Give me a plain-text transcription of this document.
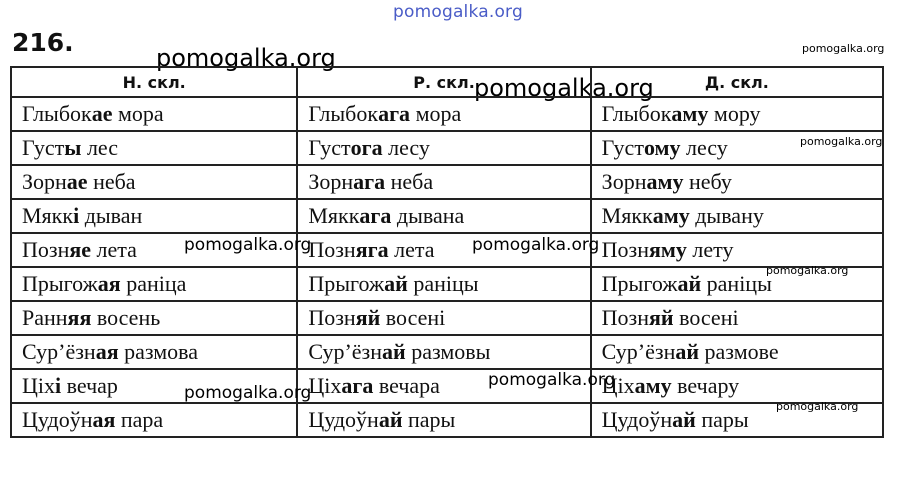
pomogalka.org
pomogalka.org
pomogalka.org
pomogalka.org
pomogalka.org
216.
Н. скл.	Р. скл.	Д. скл.
Глыбокае мора	Глыбокага мора	Глыбокаму мору
Густы лес	Густога лесу	Густому лесу
Зорнае неба	Зорнага неба	Зорнаму небу
Мяккі дыван	Мяккага дывана	Мяккаму дывану
Позняе лета	Позняга лета	Позняму лету
Прыгожая раніца	Прыгожай раніцы	Прыгожай раніцы
Ранняя восень	Позняй восені	Позняй восені
Сур’ёзная размова	Сур’ёзнай размовы	Сур’ёзнай размове
Ціхі вечар	Ціхага вечара	Ціхаму вечару
Цудоўная пара	Цудоўнай пары	Цудоўнай пары
pomogalka.org	pomogalka.org
pomogalka.org
pomogalka.org
pomogalka.org
pomogalka.org
